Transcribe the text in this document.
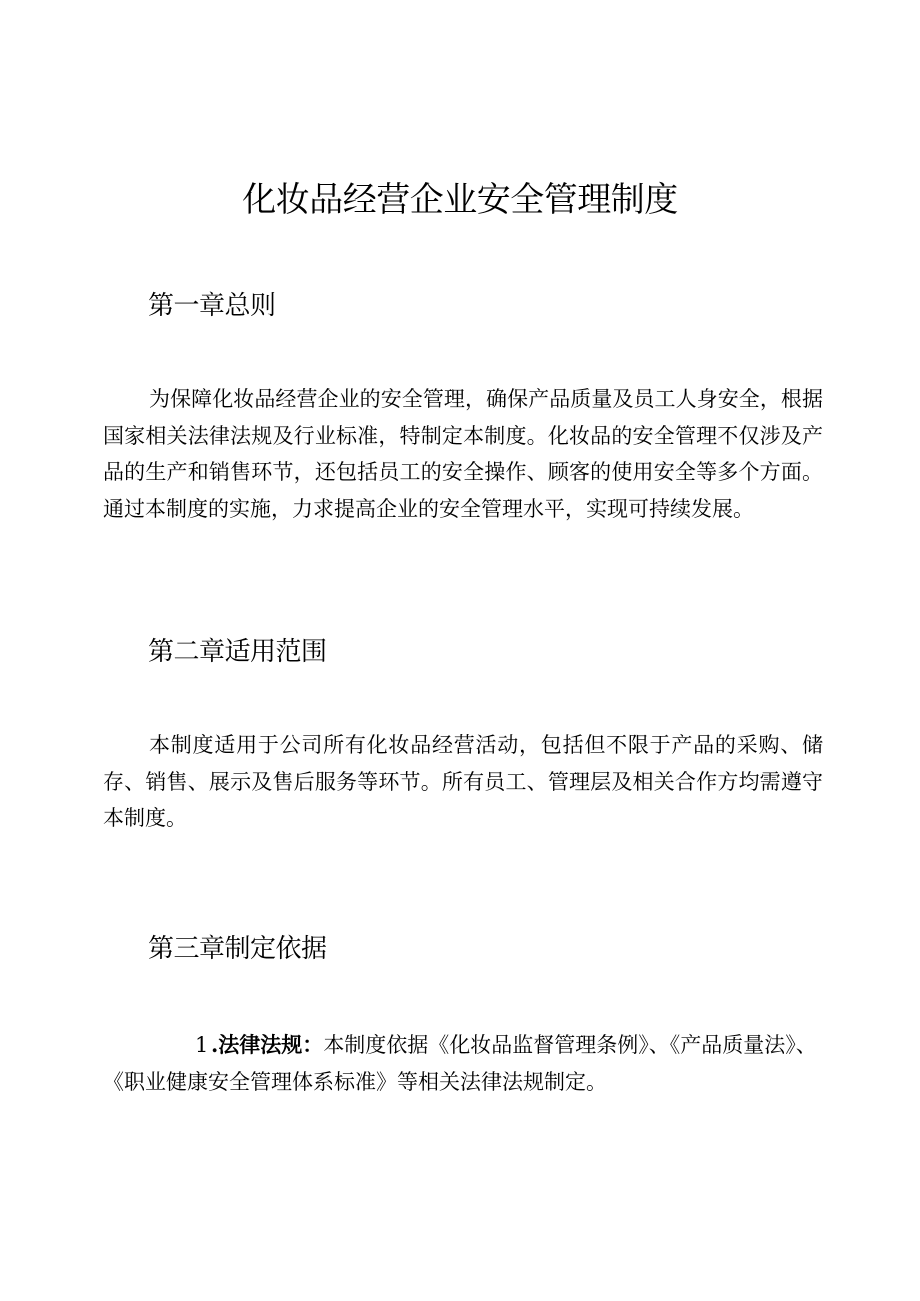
化妆品经营企业安全管理制度
第一章总则

为保障化妆品经营企业的安全管理，确保产品质量及员工人身安全，根据国家相关法律法规及行业标准，特制定本制度。化妆品的安全管理不仅涉及产品的生产和销售环节，还包括员工的安全操作、顾客的使用安全等多个方面。通过本制度的实施，力求提高企业的安全管理水平，实现可持续发展。

第二章适用范围

本制度适用于公司所有化妆品经营活动，包括但不限于产品的采购、储存、销售、展示及售后服务等环节。所有员工、管理层及相关合作方均需遵守本制度。

第三章制定依据

1 .法律法规：本制度依据《化妆品监督管理条例》、《产品质量法》、《职业健康安全管理体系标准》等相关法律法规制定。
